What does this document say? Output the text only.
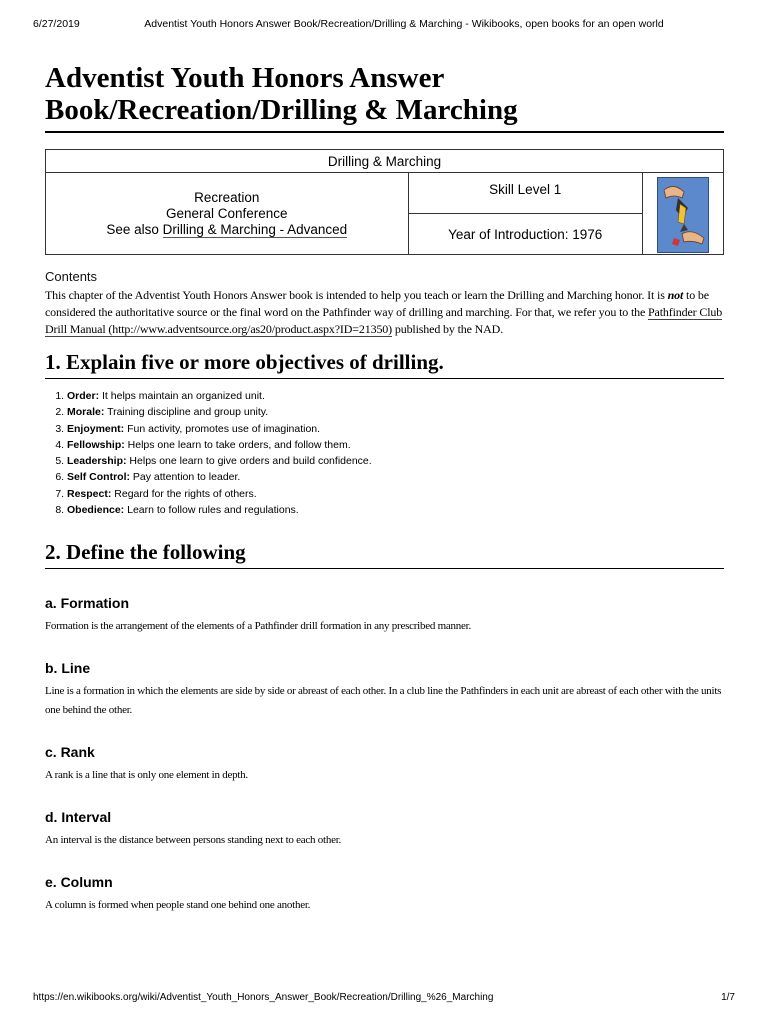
6/27/2019	Adventist Youth Honors Answer Book/Recreation/Drilling & Marching - Wikibooks, open books for an open world
Adventist Youth Honors Answer
Book/Recreation/Drilling & Marching
Drilling & Marching

Recreation
General Conference
See also Drilling & Marching - Advanced

Skill Level 1

Year of Introduction: 1976
Contents

This chapter of the Adventist Youth Honors Answer book is intended to help you teach or learn the Drilling and Marching honor. It is not to be considered the authoritative source or the final word on the Pathfinder way of drilling and marching. For that, we refer you to the Pathfinder Club Drill Manual (http://www.adventsource.org/as20/product.aspx?ID=21350) published by the NAD.

1. Explain five or more objectives of drilling.
1. Order: It helps maintain an organized unit.
2. Morale: Training discipline and group unity.
3. Enjoyment: Fun activity, promotes use of imagination.
4. Fellowship: Helps one learn to take orders, and follow them.
5. Leadership: Helps one learn to give orders and build confidence.
6. Self Control: Pay attention to leader.
7. Respect: Regard for the rights of others.
8. Obedience: Learn to follow rules and regulations.
2. Define the following
a. Formation

Formation is the arrangement of the elements of a Pathfinder drill formation in any prescribed manner.

b. Line

Line is a formation in which the elements are side by side or abreast of each other. In a club line the Pathfinders in each unit are abreast of each other with the units one behind the other.

c. Rank

A rank is a line that is only one element in depth.

d. Interval

An interval is the distance between persons standing next to each other.

e. Column

A column is formed when people stand one behind one another.

https://en.wikibooks.org/wiki/Adventist_Youth_Honors_Answer_Book/Recreation/Drilling_%26_Marching	1/7
